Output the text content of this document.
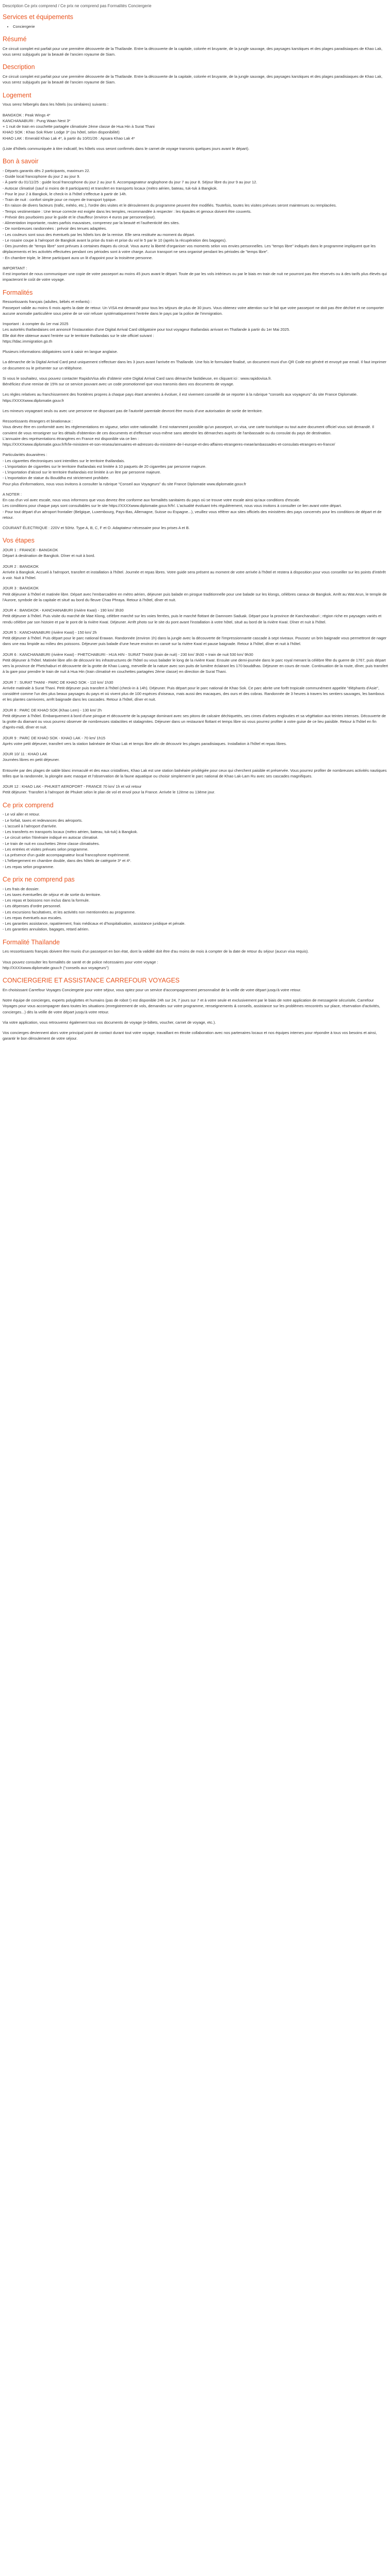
Description Ce prix comprend / Ce prix ne comprend pas Formalités Conciergerie

Services et équipements
• Conciergerie
Résumé

Ce circuit complet est parfait pour une première découverte de la Thaïlande. Entre la découverte de la capitale, colorée et bruyante, de la jungle sauvage, des paysages karstiques et des plages paradisiaques de Khao Lak, vous serez subjugués par la beauté de l'ancien royaume de Siam.

Description

Ce circuit complet est parfait pour une première découverte de la Thaïlande. Entre la découverte de la capitale, colorée et bruyante, de la jungle sauvage, des paysages karstiques et des plages paradisiaques de Khao Lak, vous serez subjugués par la beauté de l'ancien royaume de Siam.

Logement

Vous serez hébergés dans les hôtels (ou similaires) suivants :

BANGKOK : Peak Wings 4*

KANCHANABURI : Pung Waan Nest 3*

+ 1 nuit de train en couchette partagée climatisée 2ème classe de Hua Hin à Surat Thani

KHAO SOK : Khao Sok River Lodge 3* (ou hôtel, selon disponibilité)

KHAO LAK : Emerald Khao Lak 4*, à partir du 10/01/26 : Apsara Khao Lak 4*

(Liste d'hôtels communiquée à titre indicatif, les hôtels vous seront confirmés dans le carnet de voyage transmis quelques jours avant le départ).

Bon à savoir

- Départs garantis dès 2 participants, maximum 22.

- Guide local francophone du jour 2 au jour 9.

- À partir du 01/11/25 : guide local francophone du jour 2 au jour 6. Accompagnateur anglophone du jour 7 au jour 8. Séjour libre du jour 9 au jour 12.

- Autocar climatisé (sauf si moins de 8 participants) et transfert en transports locaux (métro aérien, bateau, tuk-tuk à Bangkok.

- Pour le jour 2 à Bangkok, le check-in à l'hôtel s'effectue à partir de 14h.

- Train de nuit : confort simple pour ce moyen de transport typique.

- En raison de divers facteurs (trafic, météo, etc.), l'ordre des visites et le déroulement du programme peuvent être modifiés. Toutefois, toutes les visites prévues seront maintenues ou remplacées.

- Temps vestimentaire : Une tenue correcte est exigée dans les temples, recommandée à respecter : les épaules et genoux doivent être couverts.

- Prévoir des pourboires pour le guide et le chauffeur (environ 4 euros par personne/jour).

- Alimentation importante, routes parfois mauvaises, comprenez par la beauté et l'authenticité des sites.

- De nombreuses randonnées : prévoir des tenues adaptées.

- Les couleurs sont sous des éventuels par les hôtels lors de la remise. Elle sera restituée au moment du départ.

- Le rosaire coupe à l'aéroport de Bangkok avant la prise du train et prise du vol le 5 par le 10 (après la récupération des bagages).

- Des journées de "temps libre" sont prévues à certaines étapes du circuit. Vous aurez la liberté d'organiser vos moments selon vos envies personnelles. Les "temps libre" indiqués dans le programme impliquent que les déplacements et les activités effectuées pendant ces périodes sont à votre charge. Aucun transport ne sera organisé pendant les périodes de "temps libre".

- En chambre triple, le 3ème participant aura un lit d'appoint pour la troisième personne.

IMPORTANT :

Il est important de nous communiquer une copie de votre passeport au moins 45 jours avant le départ. Toute de par les vols intérieurs ou par le biais en train de nuit ne pourront pas être réservés ou à des tarifs plus élevés qui impacteront le coût de votre voyage.

Formalités

Ressortissants français (adultes, bébés et enfants) :

Passeport valide au moins 6 mois après la date de retour. Un VISA est demandé pour tous les séjours de plus de 30 jours. Vous obtenez votre attention sur le fait que votre passeport ne doit pas être déchiré et ne comporter aucune anomalie particulière sous peine de se voir refuser systématiquement l'entrée dans le pays par la police de l'immigration.

Important : à compter du 1er mai 2025

Les autorités thaïlandaises ont annoncé l'instauration d'une Digital Arrival Card obligatoire pour tout voyageur thaïlandais arrivant en Thaïlande à partir du 1er Mai 2025.

Elle doit être obtenue avant l'entrée sur le territoire thaïlandais sur le site officiel suivant :

https://tdac.immigration.go.th

Plusieurs informations obligatoires sont à saisir en langue anglaise.

La démarche de la Digital Arrival Card peut uniquement s'effectuer dans les 3 jours avant l'arrivée en Thaïlande. Une fois le formulaire finalisé, un document muni d'un QR Code est généré et envoyé par email. Il faut imprimer ce document ou le présenter sur un téléphone.

Si vous le souhaitez, vous pouvez contacter RapidoVisa afin d'obtenir votre Digital Arrival Card sans démarche fastidieuse, en cliquant ici : www.rapidovisa.fr.

Bénéficiez d'une remise de 15% sur ce service pouvant avec un code promotionnel que vous transmis dans vos documents de voyage.

Les règles relatives au franchissement des frontières propres à chaque pays étant amenées à évoluer, il est vivement conseillé de se reporter à la rubrique "conseils aux voyageurs" du site France Diplomatie.

https://XXXXwww.diplomatie.gouv.fr

Les mineurs voyageant seuls ou avec une personne ne disposant pas de l'autorité parentale devront être munis d'une autorisation de sortie de territoire.

Ressortissants étrangers et binationaux :

Vous devez être en conformité avec les réglementations en vigueur, selon votre nationalité. Il est notamment possible qu'un passeport, un visa, une carte touristique ou tout autre document officiel vous soit demandé. Il convient de vous renseigner sur les détails d'obtention de ces documents et d'effectuer vous-même sans attendre les démarches auprès de l'ambassade ou du consulat du pays de destination.

L'annuaire des représentations étrangères en France est disponible via ce lien :

https://XXXXwww.diplomatie.gouv.fr/fr/le-ministere-et-son-reseau/annuaires-et-adresses-du-ministere-de-l-europe-et-des-affaires-etrangeres-meae/ambassades-et-consulats-etrangers-en-france/

Particularités douanières :

- Les cigarettes électroniques sont interdites sur le territoire thaïlandais.

- L'importation de cigarettes sur le territoire thaïlandais est limitée à 10 paquets de 20 cigarettes par personne majeure.

- L'importation d'alcool sur le territoire thaïlandais est limitée à un litre par personne majeure.

- L'exportation de statue du Bouddha est strictement prohibée.

Pour plus d'informations, nous vous invitons à consulter la rubrique "Conseil aux Voyageurs" du site France Diplomatie www.diplomatie.gouv.fr

A NOTER :

En cas d'un vol avec escale, nous vous informons que vous devrez être conforme aux formalités sanitaires du pays où se trouve votre escale ainsi qu'aux conditions d'escale.

Les conditions pour chaque pays sont consultables sur le site https://XXXXwww.diplomatie.gouv.fr/fr/. L'actualité évoluant très régulièrement, nous vous invitons à consulter ce lien avant votre départ.

- Pour tout départ d'un aéroport frontalier (Belgique, Luxembourg, Pays-Bas, Allemagne, Suisse ou Espagne...), veuillez vous référer aux sites officiels des ministères des pays concernés pour les conditions de départ et de retour.

COURANT ÉLECTRIQUE : 220V et 50Hz. Type A, B, C, F et O. Adaptateur nécessaire pour les prises A et B.

Vos étapes

JOUR 1 : FRANCE - BANGKOK

Départ à destination de Bangkok. Dîner et nuit à bord.

JOUR 2 : BANGKOK

Arrivée à Bangkok. Accueil à l'aéroport, transfert et installation à l'hôtel. Journée et repas libres. Votre guide sera présent au moment de votre arrivée à l'hôtel et restera à disposition pour vous conseiller sur les points d'intérêt à voir. Nuit à l'hôtel.

JOUR 3 : BANGKOK

Petit déjeuner à l'hôtel et matinée libre. Départ avec l'embarcadère en métro aérien, déjeuner puis balade en pirogue traditionnelle pour une balade sur les klongs, célèbres canaux de Bangkok. Arrêt au Wat Arun, le temple de l'Aurore, symbole de la capitale et situé au bord du fleuve Chao Phraya. Retour à l'hôtel, dîner et nuit.

JOUR 4 : BANGKOK - KANCHANABURI (rivière Kwaï) - 190 km/ 3h30

Petit déjeuner à l'hôtel. Puis visite du marché de Mae Klong, célèbre marché sur les voies ferrées, puis le marché flottant de Damnoen Saduak. Départ pour la province de Kanchanaburi ; région riche en paysages variés et rendu célèbre par son histoire et par le pont de la rivière Kwaï. Déjeuner. Arrêt photo sur le site du pont avant l'installation à votre hôtel, situé au bord de la rivière Kwaï. Dîner et nuit à l'hôtel.

JOUR 5 : KANCHANABURI (rivière Kwaï) - 150 km/ 2h

Petit déjeuner à l'hôtel. Puis départ pour le parc national Erawan. Randonnée (environ 1h) dans la jungle avec la découverte de l'impressionnante cascade à sept niveaux. Poussez un brin baignade vous permettront de nager dans une eau limpide au milieu des poissons. Déjeuner puis balade d'une heure environ en canoë sur la rivière Kwaï et pause baignade. Retour à l'hôtel, dîner et nuit à l'hôtel.

JOUR 6 : KANCHANABURI (rivière Kwaï) - PHETCHABURI - HUA HIN - SURAT THANI (train de nuit) - 230 km/ 3h30 + train de nuit 530 km/ 9h30

Petit déjeuner à l'hôtel. Matinée libre afin de découvrir les infrastructures de l'hôtel ou vous balader le long de la rivière Kwaï. Ensuite une demi-journée dans le parc royal menant la célèbre fête du guerre de 1767, puis départ vers la province de Phetchaburi et découverte de la grotte de Khao Luang, merveille de la nature avec son puits de lumière éclairant les 170 bouddhas. Déjeuner en cours de route. Continuation de la route, dîner, puis transfert à la gare pour prendre le train de nuit à Hua Hin (train climatisé en couchettes partagées 2ème classe) en direction de Surat Thani.

JOUR 7 : SURAT THANI - PARC DE KHAO SOK - 110 km/ 1h30

Arrivée matinale à Surat Thani. Petit déjeuner puis transfert à l'hôtel (check-in à 14h). Déjeuner. Puis départ pour le parc national de Khao Sok. Ce parc abrite une forêt tropicale communément appelée "éléphants d'Asie", considéré comme l'un des plus beaux paysages du pays et où vivent plus de 100 espèces d'oiseaux, mais aussi des macaques, des ours et des cobras. Randonnée de 3 heures à travers les sentiers sauvages, les bambous et les plantes carnivores, arrêt baignade dans les cascades. Retour à l'hôtel, dîner et nuit.

JOUR 8 : PARC DE KHAO SOK (Khao Lem) - 130 km/ 2h

Petit déjeuner à l'hôtel. Embarquement à bord d'une pirogue et découverte de la paysage dominant avec ses pitons de calcaire déchiquetés, ses cimes d'arbres englouties et sa végétation aux teintes intenses. Découverte de la grotte du diamant ou vous pourrez observer de nombreuses stalactites et stalagmites. Déjeuner dans un restaurant flottant et temps libre où vous pourrez profiter à votre guise de ce lieu paisible. Retour à l'hôtel en fin d'après-midi, dîner et nuit.

JOUR 9 : PARC DE KHAO SOK - KHAO LAK - 70 km/ 1h15

Après votre petit déjeuner, transfert vers la station balnéaire de Khao Lak et temps libre afin de découvrir les plages paradisiaques. Installation à l'hôtel et repas libres.

JOUR 10/ 11 : KHAO LAK

Journées libres en petit déjeuner.

Entourée par des plages de sable blanc immaculé et des eaux cristallines, Khao Lak est une station balnéaire privilégiée pour ceux qui cherchent paisible et préservée. Vous pourrez profiter de nombreuses activités nautiques telles que la randonnée, la plongée avec masque et l'observation de la faune aquatique ou choisir simplement le parc national de Khao Lak-Lam Ru avec ses cascades magnifiques.

JOUR 12 : KHAO LAK - PHUKET AEROPORT - FRANCE 70 km/ 1h et vol retour

Petit déjeuner. Transfert à l'aéroport de Phuket selon le plan de vol et envol pour la France. Arrivée le 12ème ou 13ème jour.

Ce prix comprend

- Le vol aller et retour.

- Le forfait, taxes et redevances des aéroports.

- L'accueil à l'aéroport d'arrivée.

- Les transferts en transports locaux (métro aérien, bateau, tuk-tuk) à Bangkok.

- Le circuit selon l'itinéraire indiqué en autocar climatisé.

- Le train de nuit en couchettes 2ème classe climatisées.

- Les entrées et visites prévues selon programme.

- La présence d'un guide accompagnateur local francophone expérimenté.

- L'hébergement en chambre double, dans des hôtels de catégorie 3* et 4*.

- Les repas selon programme.

Ce prix ne comprend pas

- Les frais de dossier.

- Les taxes éventuelles de séjour et de sortie du territoire.

- Les repas et boissons non inclus dans la formule.

- Les dépenses d'ordre personnel.

- Les excursions facultatives, et les activités non mentionnées au programme.

- Les repas éventuels aux escales.

- Les garanties assistance, rapatriement, frais médicaux et d'hospitalisation, assistance juridique et pénale.

- Les garanties annulation, bagages, retard aérien.

Formalité Thaïlande

Les ressortissants français doivent être munis d'un passeport en bon état, dont la validité doit être d'au moins de mois à compter de la date de retour du séjour (aucun visa requis).

Vous pouvez consulter les formalités de santé et de police nécessaires pour votre voyage :

http://XXXXwww.diplomatie.gouv.fr ("conseils aux voyageurs")

CONCIERGERIE ET ASSISTANCE CARREFOUR VOYAGES

En choisissant Carrefour Voyages Conciergerie pour votre séjour, vous optez pour un service d'accompagnement personnalisé de la veille de votre départ jusqu'à votre retour.

Notre équipe de concierges, experts polyglottes et humains (pas de robot !) est disponible 24h sur 24, 7 jours sur 7 et à votre seule et exclusivement par le biais de notre application de messagerie sécurisée, Carrefour Voyages pour vous accompagner dans toutes les situations (enregistrement de vols, demandes sur votre programme, renseignements & conseils, assistance sur les problèmes rencontrés sur place, réservation d'activités, concierges...) dès la veille de votre départ jusqu'à votre retour.

Via votre application, vous retrouverez également tous vos documents de voyage (e-billets, voucher, carnet de voyage, etc.).

Vos concierges deviennent alors votre principal point de contact durant tout votre voyage, travaillant en étroite collaboration avec nos partenaires locaux et nos équipes internes pour répondre à tous vos besoins et ainsi, garantir le bon déroulement de votre séjour.
